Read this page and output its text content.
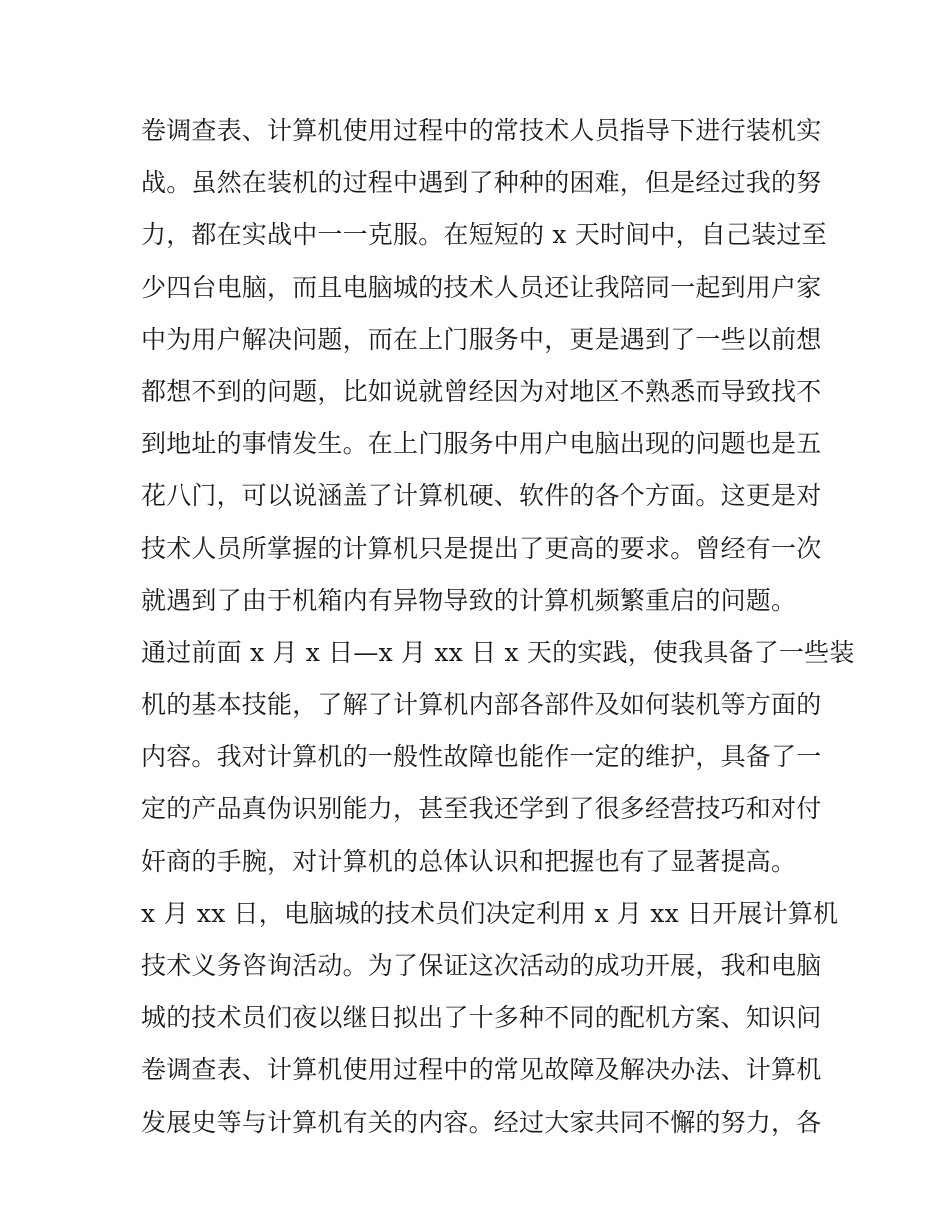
卷调查表、计算机使用过程中的常技术人员指导下进行装机实
战。虽然在装机的过程中遇到了种种的困难，但是经过我的努
力，都在实战中一一克服。在短短的 x 天时间中，自己装过至
少四台电脑，而且电脑城的技术人员还让我陪同一起到用户家
中为用户解决问题，而在上门服务中，更是遇到了一些以前想
都想不到的问题，比如说就曾经因为对地区不熟悉而导致找不
到地址的事情发生。在上门服务中用户电脑出现的问题也是五
花八门，可以说涵盖了计算机硬、软件的各个方面。这更是对
技术人员所掌握的计算机只是提出了更高的要求。曾经有一次
就遇到了由于机箱内有异物导致的计算机频繁重启的问题。
通过前面 x 月 x 日—x 月 xx 日 x 天的实践，使我具备了一些装
机的基本技能，了解了计算机内部各部件及如何装机等方面的
内容。我对计算机的一般性故障也能作一定的维护，具备了一
定的产品真伪识别能力，甚至我还学到了很多经营技巧和对付
奸商的手腕，对计算机的总体认识和把握也有了显著提高。
x 月 xx 日，电脑城的技术员们决定利用 x 月 xx 日开展计算机
技术义务咨询活动。为了保证这次活动的成功开展，我和电脑
城的技术员们夜以继日拟出了十多种不同的配机方案、知识问
卷调查表、计算机使用过程中的常见故障及解决办法、计算机
发展史等与计算机有关的内容。经过大家共同不懈的努力，各
